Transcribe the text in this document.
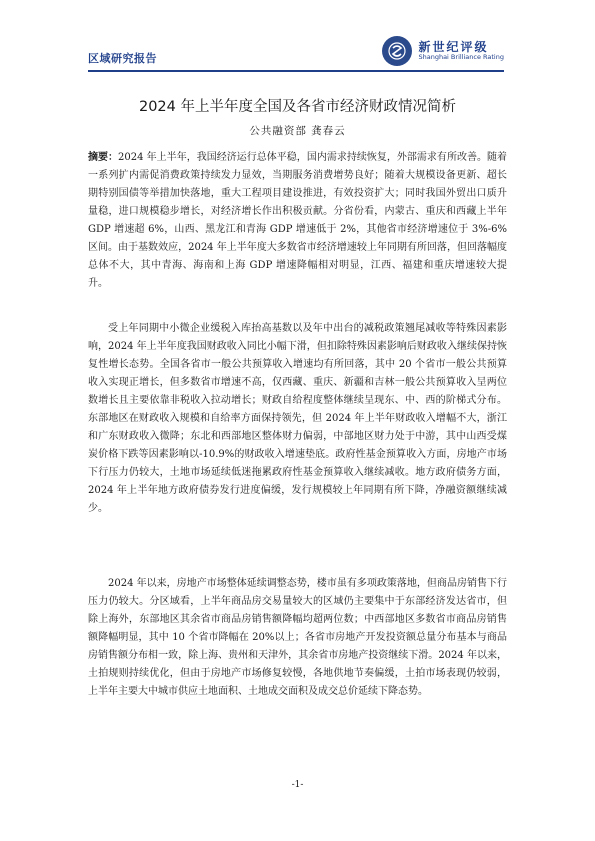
区域研究报告
新世纪评级
Shanghai Brilliance Rating
2024 年上半年度全国及各省市经济财政情况简析
公共融资部 龚春云

摘要：2024 年上半年，我国经济运行总体平稳，国内需求持续恢复，外部需求有所改善。随着一系列扩内需促消费政策持续发力显效，当期服务消费增势良好；随着大规模设备更新、超长期特别国债等举措加快落地，重大工程项目建设推进，有效投资扩大；同时我国外贸出口质升量稳，进口规模稳步增长，对经济增长作出积极贡献。分省份看，内蒙古、重庆和西藏上半年 GDP 增速超 6%，山西、黑龙江和青海 GDP 增速低于 2%，其他省市经济增速位于 3%-6%区间。由于基数效应，2024 年上半年度大多数省市经济增速较上年同期有所回落，但回落幅度总体不大，其中青海、海南和上海 GDP 增速降幅相对明显，江西、福建和重庆增速较大提升。

受上年同期中小微企业缓税入库抬高基数以及年中出台的减税政策翘尾减收等特殊因素影响，2024 年上半年度我国财政收入同比小幅下滑，但扣除特殊因素影响后财政收入继续保持恢复性增长态势。全国各省市一般公共预算收入增速均有所回落，其中 20 个省市一般公共预算收入实现正增长，但多数省市增速不高，仅西藏、重庆、新疆和吉林一般公共预算收入呈两位数增长且主要依靠非税收入拉动增长；财政自给程度整体继续呈现东、中、西的阶梯式分布。东部地区在财政收入规模和自给率方面保持领先，但 2024 年上半年财政收入增幅不大，浙江和广东财政收入微降；东北和西部地区整体财力偏弱，中部地区财力处于中游，其中山西受煤炭价格下跌等因素影响以-10.9%的财政收入增速垫底。政府性基金预算收入方面，房地产市场下行压力仍较大，土地市场延续低迷拖累政府性基金预算收入继续减收。地方政府债务方面，2024 年上半年地方政府债券发行进度偏缓，发行规模较上年同期有所下降，净融资额继续减少。

2024 年以来，房地产市场整体延续调整态势，楼市虽有多项政策落地，但商品房销售下行压力仍较大。分区域看，上半年商品房交易量较大的区域仍主要集中于东部经济发达省市，但除上海外，东部地区其余省市商品房销售额降幅均超两位数；中西部地区多数省市商品房销售额降幅明显，其中 10 个省市降幅在 20%以上；各省市房地产开发投资额总量分布基本与商品房销售额分布相一致，除上海、贵州和天津外，其余省市房地产投资继续下滑。2024 年以来，土拍规则持续优化，但由于房地产市场修复较慢，各地供地节奏偏缓，土拍市场表现仍较弱，上半年主要大中城市供应土地面积、土地成交面积及成交总价延续下降态势。

-1-
